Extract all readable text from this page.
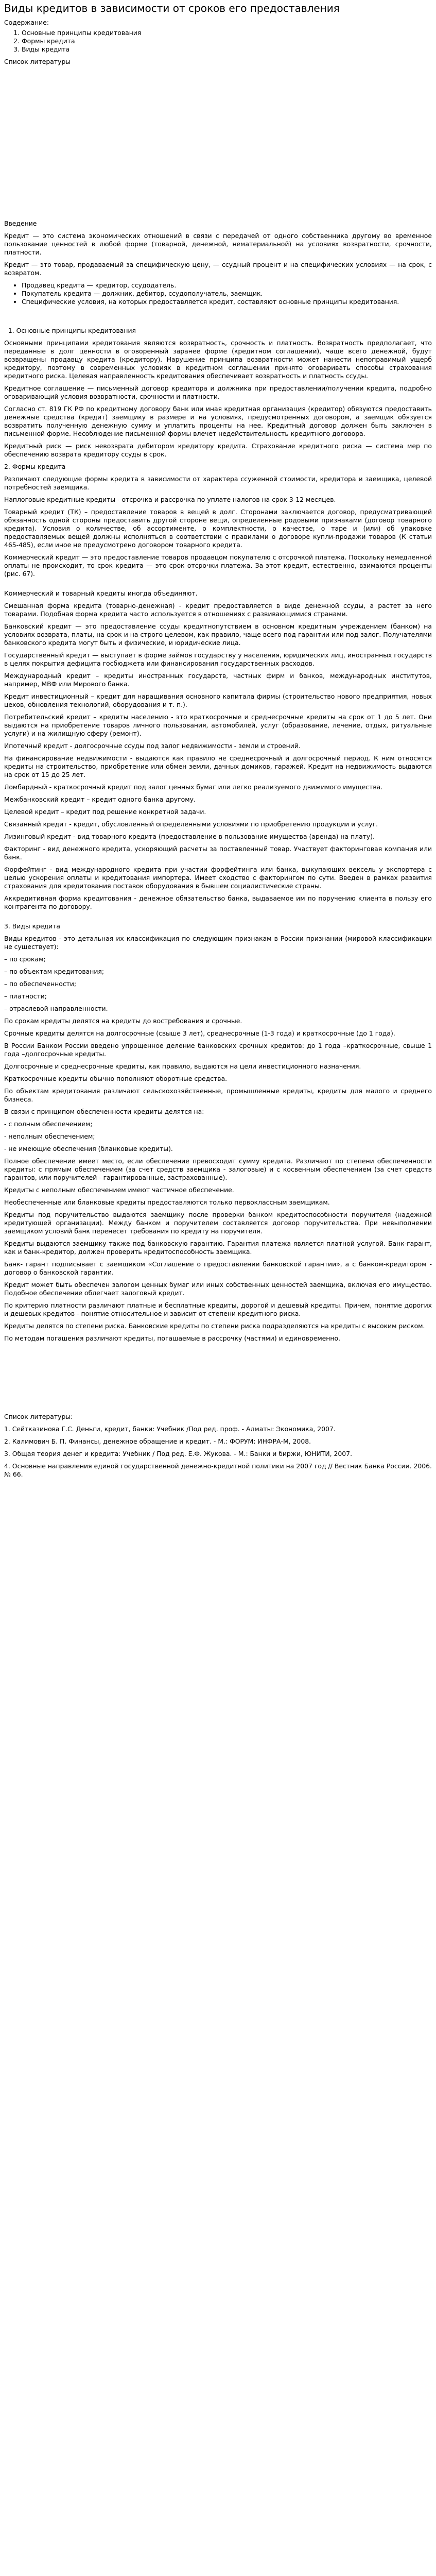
Виды кредитов в зависимости от сроков его предоставления

Содержание:

1. Основные принципы кредитования
2. Формы кредита
3. Виды кредита

Список литературы

Введение

Кредит — это система экономических отношений в связи с передачей от одного собственника другому во временное пользование ценностей в любой форме (товарной, денежной, нематериальной) на условиях возвратности, срочности, платности.

Кредит — это товар, продаваемый за специфическую цену, — ссудный процент и на специфических условиях — на срок, с возвратом.

• Продавец кредита — кредитор, ссудодатель.
• Покупатель кредита — должник, дебитор, ссудополучатель, заемщик.
• Специфические условия, на которых предоставляется кредит, составляют основные принципы кредитования.

1. Основные принципы кредитования

Основными принципами кредитования являются возвратность, срочность и платность. Возвратность предполагает, что переданные в долг ценности в оговоренный заранее форме (кредитном соглашении), чаще всего денежной, будут возвращены продавцу кредита (кредитору). Нарушение принципа возвратности может нанести непоправимый ущерб кредитору, поэтому в современных условиях в кредитном соглашении принято оговаривать способы страхования кредитного риска. Целевая направленность кредитования обеспечивает возвратность и платность ссуды.

Кредитное соглашение — письменный договор кредитора и должника при предоставлении/получении кредита, подробно оговаривающий условия возвратности, срочности и платности.

Согласно ст. 819 ГК РФ по кредитному договору банк или иная кредитная организация (кредитор) обязуются предоставить денежные средства (кредит) заемщику в размере и на условиях, предусмотренных договором, а заемщик обязуется возвратить полученную денежную сумму и уплатить проценты на нее. Кредитный договор должен быть заключен в письменной форме. Несоблюдение письменной формы влечет недействительность кредитного договора.

Кредитный риск — риск невозврата дебитором кредитору кредита. Страхование кредитного риска — система мер по обеспечению возврата кредитору ссуды в срок.

2. Формы кредита

Различают следующие формы кредита в зависимости от характера ссуженной стоимости, кредитора и заемщика, целевой потребностей заемщика.

Наплоговые кредитные кредиты - отсрочка и рассрочка по уплате налогов на срок 3-12 месяцев.

Товарный кредит (ТК) – предоставление товаров в вещей в долг. Сторонами заключается договор, предусматривающий обязанность одной стороны предоставить другой стороне вещи, определенные родовыми признаками (договор товарного кредита). Условия о количестве, об ассортименте, о комплектности, о качестве, о таре и (или) об упаковке предоставляемых вещей должны исполняться в соответствии с правилами о договоре купли-продажи товаров (К статьи 465-485), если иное не предусмотрено договором товарного кредита.

Коммерческий кредит — это предоставление товаров продавцом покупателю с отсрочкой платежа. Поскольку немедленной оплаты не происходит, то срок кредита — это срок отсрочки платежа. За этот кредит, естественно, взимаются проценты (рис. 67).

Коммерческий и товарный кредиты иногда объединяют.

Смешанная форма кредита (товарно-денежная) - кредит предоставляется в виде денежной ссуды, а растет за него товарами. Подобная форма кредита часто используется в отношениях с развивающимися странами.

Банковский кредит — это предоставление ссуды кредитнопутствием в основном кредитным учреждением (банком) на условиях возврата, платы, на срок и на строго целевом, как правило, чаще всего под гарантии или под залог. Получателями банковского кредита могут быть и физические, и юридические лица.

Государственный кредит — выступает в форме займов государству у населения, юридических лиц, иностранных государств в целях покрытия дефицита госбюджета или финансирования государственных расходов.

Международный кредит – кредиты иностранных государств, частных фирм и банков, международных институтов, например, МВФ или Мирового банка.

Кредит инвестиционный – кредит для наращивания основного капитала фирмы (строительство нового предприятия, новых цехов, обновления технологий, оборудования и т. п.).

Потребительский кредит – кредиты населению - это краткосрочные и среднесрочные кредиты на срок от 1 до 5 лет. Они выдаются на приобретение товаров личного пользования, автомобилей, услуг (образование, лечение, отдых, ритуальные услуги) и на жилищную сферу (ремонт).

Ипотечный кредит - долгосрочные ссуды под залог недвижимости - земли и строений.

На финансирование недвижимости - выдаются как правило не среднесрочный и долгосрочный период. К ним относятся кредиты на строительство, приобретение или обмен земли, дачных домиков, гаражей. Кредит на недвижимость выдаются на срок от 15 до 25 лет.

Ломбардный - краткосрочный кредит под залог ценных бумаг или легко реализуемого движимого имущества.

Межбанковский кредит – кредит одного банка другому.

Целевой кредит – кредит под решение конкретной задачи.

Связанный кредит - кредит, обусловленный определенными условиями по приобретению продукции и услуг.

Лизинговый кредит - вид товарного кредита (предоставление в пользование имущества (аренда) на плату).

Факторинг - вид денежного кредита, ускоряющий расчеты за поставленный товар. Участвует факторинговая компания или банк.

Форфейтинг - вид международного кредита при участии форфейтинга или банка, выкупающих вексель у экспортера с целью ускорения оплаты и кредитования импортера. Имеет сходство с факторингом по сути. Введен в рамках развития страхования для кредитования поставок оборудования в бывшем социалистические страны.

Аккредитивная форма кредитования - денежное обязательство банка, выдаваемое им по поручению клиента в пользу его контрагента по договору.

3. Виды кредита

Виды кредитов - это детальная их классификация по следующим признакам в России признании (мировой классификации не существует):

– по срокам;

– по объектам кредитования;

– по обеспеченности;

– платности;

– отраслевой направленности.

По срокам кредиты делятся на кредиты до востребования и срочные.

Срочные кредиты делятся на долгосрочные (свыше 3 лет), среднесрочные (1-3 года) и краткосрочные (до 1 года).

В России Банком России введено упрощенное деление банковских срочных кредитов: до 1 года –краткосрочные, свыше 1 года –долгосрочные кредиты.

Долгосрочные и среднесрочные кредиты, как правило, выдаются на цели инвестиционного назначения.

Краткосрочные кредиты обычно пополняют оборотные средства.

По объектам кредитования различают сельскохозяйственные, промышленные кредиты, кредиты для малого и среднего бизнеса.

В связи с принципом обеспеченности кредиты делятся на:

- с полным обеспечением;

- неполным обеспечением;

- не имеющие обеспечения (бланковые кредиты).

Полное обеспечение имеет место, если обеспечение превосходит сумму кредита. Различают по степени обеспеченности кредиты: с прямым обеспечением (за счет средств заемщика - залоговые) и с косвенным обеспечением (за счет средств гарантов, или поручителей - гарантированные, застрахованные).

Кредиты с неполным обеспечением имеют частичное обеспечение.

Необеспеченные или бланковые кредиты предоставляются только первоклассным заемщикам.

Кредиты под поручительство выдаются заемщику после проверки банком кредитоспособности поручителя (надежной кредитующей организации). Между банком и поручителем составляется договор поручительства. При невыполнении заемщиком условий банк перенесет требования по кредиту на поручителя.

Кредиты выдаются заемщику также под банковскую гарантию. Гарантия платежа является платной услугой. Банк-гарант, как и банк-кредитор, должен проверить кредитоспособность заемщика.

Банк- гарант подписывает с заемщиком «Соглашение о предоставлении банковской гарантии», а с банком-кредитором - договор о банковской гарантии.

Кредит может быть обеспечен залогом ценных бумаг или иных собственных ценностей заемщика, включая его имущество. Подобное обеспечение облегчает залоговый кредит.

По критерию платности различают платные и бесплатные кредиты, дорогой и дешевый кредиты. Причем, понятие дорогих и дешевых кредитов - понятие относительное и зависит от степени кредитного риска.

Кредиты делятся по степени риска. Банковские кредиты по степени риска подразделяются на кредиты с высоким риском.

По методам погашения различают кредиты, погашаемые в рассрочку (частями) и единовременно.

Список литературы:

1. Сейтказинова Г.С. Деньги, кредит, банки: Учебник /Под ред. проф. - Алматы: Экономика, 2007.

2. Калимович Б. П. Финансы, денежное обращение и кредит. - М.: ФОРУМ: ИНФРА-М, 2008.

3. Общая теория денег и кредита: Учебник / Под ред. Е.Ф. Жукова. - М.: Банки и биржи, ЮНИТИ, 2007.

4. Основные направления единой государственной денежно-кредитной политики на 2007 год // Вестник Банка России. 2006. № 66.
